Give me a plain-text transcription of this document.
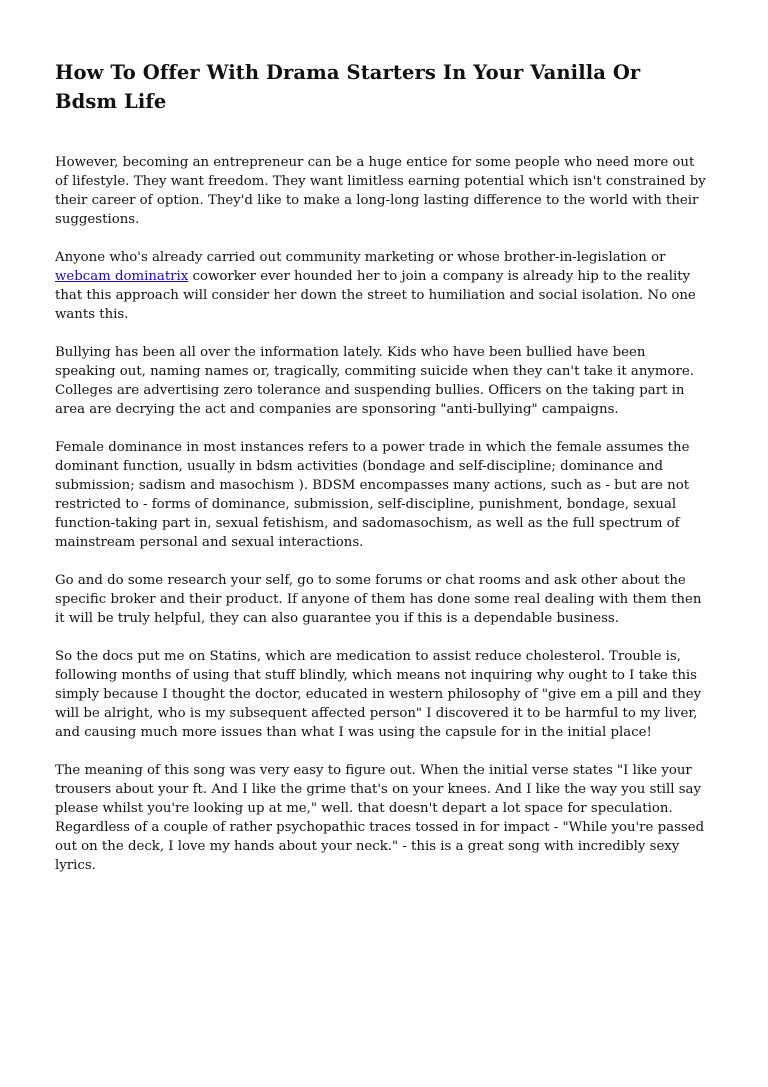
How To Offer With Drama Starters In Your Vanilla Or Bdsm Life

However, becoming an entrepreneur can be a huge entice for some people who need more out of lifestyle. They want freedom. They want limitless earning potential which isn't constrained by their career of option. They'd like to make a long-long lasting difference to the world with their suggestions.

Anyone who's already carried out community marketing or whose brother-in-legislation or webcam dominatrix coworker ever hounded her to join a company is already hip to the reality that this approach will consider her down the street to humiliation and social isolation. No one wants this.

Bullying has been all over the information lately. Kids who have been bullied have been speaking out, naming names or, tragically, commiting suicide when they can't take it anymore. Colleges are advertising zero tolerance and suspending bullies. Officers on the taking part in area are decrying the act and companies are sponsoring "anti-bullying" campaigns.

Female dominance in most instances refers to a power trade in which the female assumes the dominant function, usually in bdsm activities (bondage and self-discipline; dominance and submission; sadism and masochism ). BDSM encompasses many actions, such as - but are not restricted to - forms of dominance, submission, self-discipline, punishment, bondage, sexual function-taking part in, sexual fetishism, and sadomasochism, as well as the full spectrum of mainstream personal and sexual interactions.

Go and do some research your self, go to some forums or chat rooms and ask other about the specific broker and their product. If anyone of them has done some real dealing with them then it will be truly helpful, they can also guarantee you if this is a dependable business.

So the docs put me on Statins, which are medication to assist reduce cholesterol. Trouble is, following months of using that stuff blindly, which means not inquiring why ought to I take this simply because I thought the doctor, educated in western philosophy of "give em a pill and they will be alright, who is my subsequent affected person" I discovered it to be harmful to my liver, and causing much more issues than what I was using the capsule for in the initial place!

The meaning of this song was very easy to figure out. When the initial verse states "I like your trousers about your ft. And I like the grime that's on your knees. And I like the way you still say please whilst you're looking up at me," well. that doesn't depart a lot space for speculation. Regardless of a couple of rather psychopathic traces tossed in for impact - "While you're passed out on the deck, I love my hands about your neck." - this is a great song with incredibly sexy lyrics.
